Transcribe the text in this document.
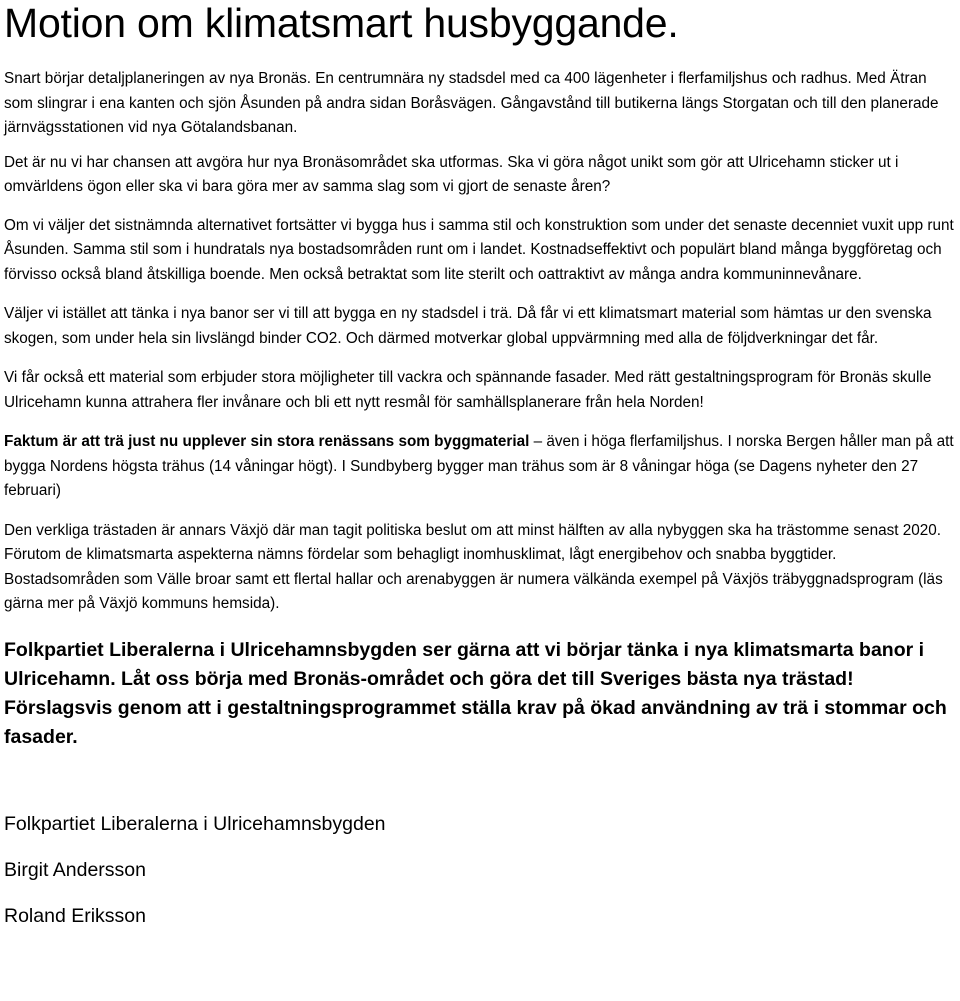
Motion om klimatsmart husbyggande.

Snart börjar detaljplaneringen av nya Bronäs. En centrumnära ny stadsdel med ca 400 lägenheter i flerfamiljshus och radhus. Med Ätran som slingrar i ena kanten och sjön Åsunden på andra sidan Boråsvägen. Gångavstånd till butikerna längs Storgatan och till den planerade järnvägsstationen vid nya Götalandsbanan.

Det är nu vi har chansen att avgöra hur nya Bronäsområdet ska utformas. Ska vi göra något unikt som gör att Ulricehamn sticker ut i omvärldens ögon eller ska vi bara göra mer av samma slag som vi gjort de senaste åren?

Om vi väljer det sistnämnda alternativet fortsätter vi bygga hus i samma stil och konstruktion som under det senaste decenniet vuxit upp runt Åsunden. Samma stil som i hundratals nya bostadsområden runt om i landet. Kostnadseffektivt och populärt bland många byggföretag och förvisso också bland åtskilliga boende. Men också betraktat som lite sterilt och oattraktivt av många andra kommuninnevånare.

Väljer vi istället att tänka i nya banor ser vi till att bygga en ny stadsdel i trä. Då får vi ett klimatsmart material som hämtas ur den svenska skogen, som under hela sin livslängd binder CO2. Och därmed motverkar global uppvärmning med alla de följdverkningar det får.

Vi får också ett material som erbjuder stora möjligheter till vackra och spännande fasader. Med rätt gestaltningsprogram för Bronäs skulle Ulricehamn kunna attrahera fler invånare och bli ett nytt resmål för samhällsplanerare från hela Norden!

Faktum är att trä just nu upplever sin stora renässans som byggmaterial – även i höga flerfamiljshus. I norska Bergen håller man på att bygga Nordens högsta trähus (14 våningar högt). I Sundbyberg bygger man trähus som är 8 våningar höga (se Dagens nyheter den 27 februari)

Den verkliga trästaden är annars Växjö där man tagit politiska beslut om att minst hälften av alla nybyggen ska ha trästomme senast 2020. Förutom de klimatsmarta aspekterna nämns fördelar som behagligt inomhusklimat, lågt energibehov och snabba byggtider. Bostadsområden som Välle broar samt ett flertal hallar och arenabyggen är numera välkända exempel på Växjös träbyggnadsprogram (läs gärna mer på Växjö kommuns hemsida).

Folkpartiet Liberalerna i Ulricehamnsbygden ser gärna att vi börjar tänka i nya klimatsmarta banor i Ulricehamn. Låt oss börja med Bronäs-området och göra det till Sveriges bästa nya trästad! Förslagsvis genom att i gestaltningsprogrammet ställa krav på ökad användning av trä i stommar och fasader.

Folkpartiet Liberalerna i Ulricehamnsbygden

Birgit Andersson

Roland Eriksson
